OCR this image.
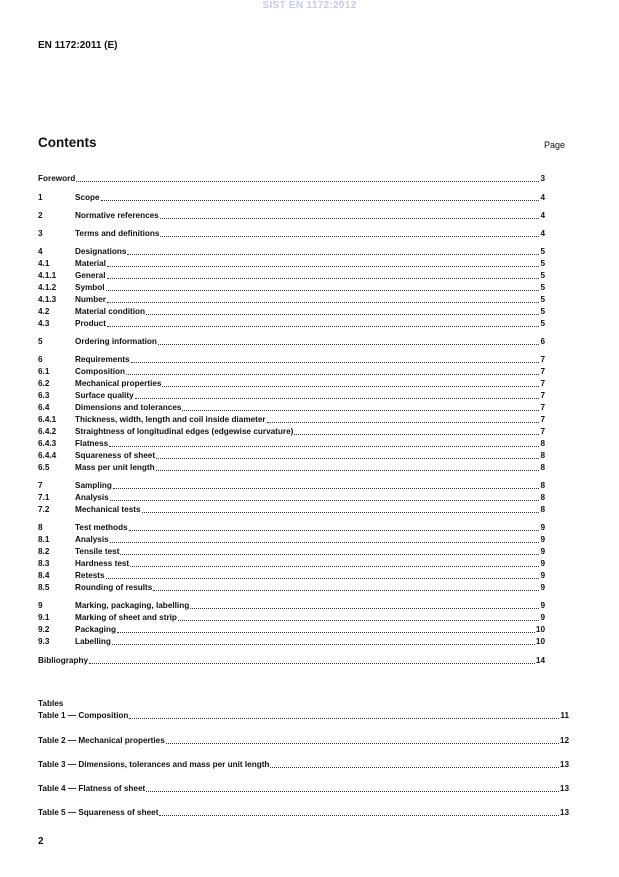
SIST EN 1172:2012
EN 1172:2011 (E)
Contents	Page
Foreword	3
1	Scope	4
2	Normative references	4
3	Terms and definitions	4
4	Designations	5
4.1	Material	5
4.1.1	General	5
4.1.2	Symbol	5
4.1.3	Number	5
4.2	Material condition	5
4.3	Product	5
5	Ordering information	6
6	Requirements	7
6.1	Composition	7
6.2	Mechanical properties	7
6.3	Surface quality	7
6.4	Dimensions and tolerances	7
6.4.1	Thickness, width, length and coil inside diameter	7
6.4.2	Straightness of longitudinal edges (edgewise curvature)	7
6.4.3	Flatness	8
6.4.4	Squareness of sheet	8
6.5	Mass per unit length	8
7	Sampling	8
7.1	Analysis	8
7.2	Mechanical tests	8
8	Test methods	9
8.1	Analysis	9
8.2	Tensile test	9
8.3	Hardness test	9
8.4	Retests	9
8.5	Rounding of results	9
9	Marking, packaging, labelling	9
9.1	Marking of sheet and strip	9
9.2	Packaging	10
9.3	Labelling	10
Bibliography	14
Tables
Table 1 — Composition	11
Table 2 — Mechanical properties	12
Table 3 — Dimensions, tolerances and mass per unit length	13
Table 4 — Flatness of sheet	13
Table 5 — Squareness of sheet	13
2
